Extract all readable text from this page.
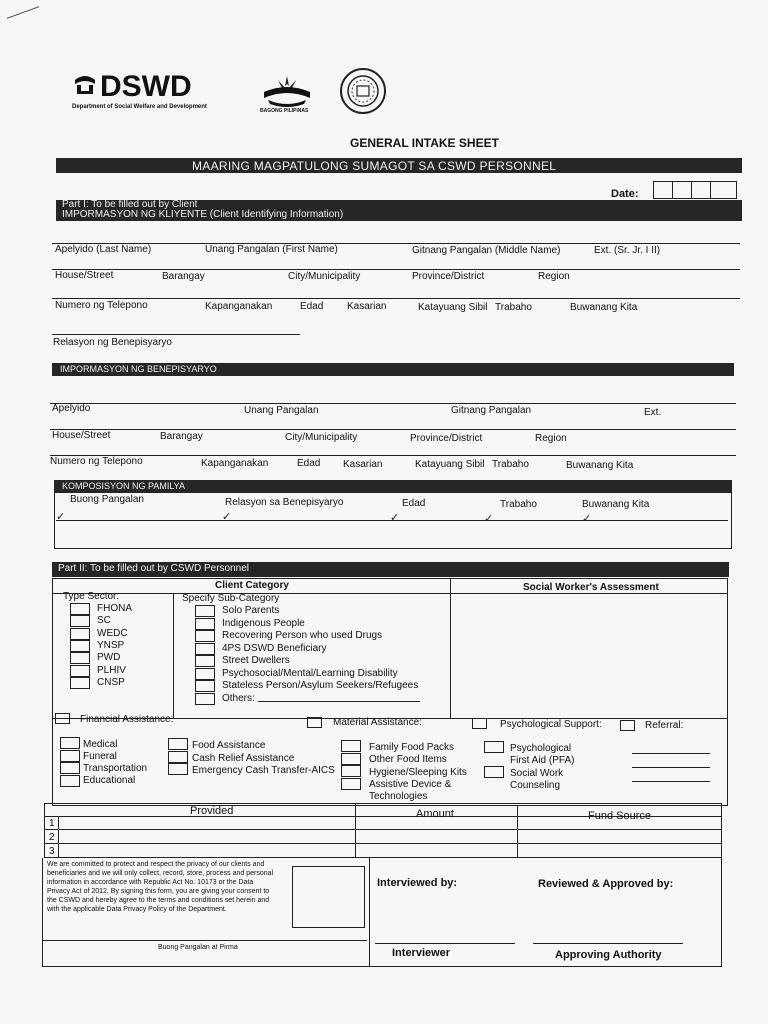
DSWD
Department of Social Welfare and Development
BAGONG PILIPINAS
GENERAL INTAKE SHEET
MAARING MAGPATULONG SUMAGOT SA CSWD PERSONNEL
Date:
Part I: To be filled out by Client
IMPORMASYON NG KLIYENTE (Client Identifying Information)
Apelyido (Last Name)	Unang Pangalan (First Name)	Gitnang Pangalan (Middle Name)	Ext. (Sr. Jr. I II)
House/Street	Barangay	City/Municipality	Province/District	Region
Numero ng Telepono	Kapanganakan	Edad Kasarian	Katayuang Sibil Trabaho	Buwanang Kita
Relasyon ng Benepisyaryo
IMPORMASYON NG BENEPISYARYO
Apelyido	Unang Pangalan	Gitnang Pangalan	Ext.
House/Street	Barangay	City/Municipality	Province/District	Region
Numero ng Telepono	Kapanganakan	Edad Kasarian	Katayuang Sibil Trabaho	Buwanang Kita
KOMPOSISYON NG PAMILYA
Buong Pangalan	Relasyon sa Benepisyaryo	Edad	Trabaho	Buwanang Kita
✓	✓	✓	✓	✓
Part II: To be filled out by CSWD Personnel
Client Category	Social Worker's Assessment
Type Sector:	Specify Sub-Category
Financial Assistance:	Material Assistance:	Psychological Support:	Referral:
Provided	Amount	Fund Source
1
2
3
We are committed to protect and respect the privacy of our clients and beneficiaries and we will only collect, record, store, process and personal information in accordance with Republic Act No. 10173 or the Data Privacy Act of 2012. By signing this form, you are giving your consent to the CSWD and hereby agree to the terms and conditions set herein and with the applicable Data Privacy Policy of the Department.
Buong Pangalan at Pirma
Interviewed by:	Reviewed & Approved by:
Interviewer	Approving Authority
FHONA
SC
WEDC
YNSP
PWD
PLHIV
CNSP
Solo Parents
Indigenous People
Recovering Person who used Drugs
4PS DSWD Beneficiary
Street Dwellers
Psychosocial/Mental/Learning Disability
Stateless Person/Asylum Seekers/Refugees
Others:
Medical
Funeral
Transportation
Educational
Food Assistance
Cash Relief Assistance
Emergency Cash Transfer-AICS
Family Food Packs
Other Food Items
Hygiene/Sleeping Kits
Assistive Device &
Technologies
Psychological
First Aid (PFA)
Social Work
Counseling
